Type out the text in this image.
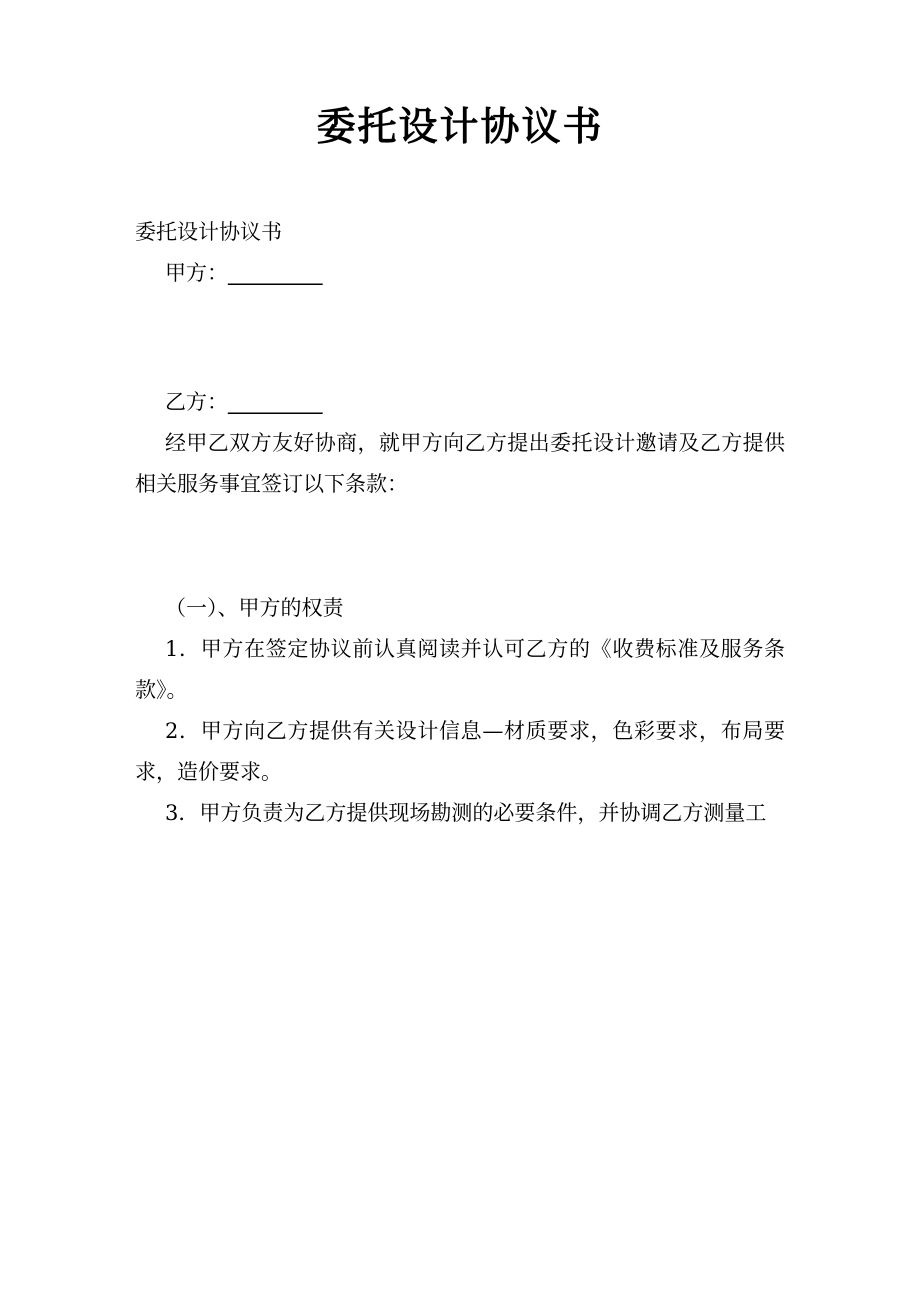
委托设计协议书

委托设计协议书

甲方：_________

乙方：_________

经甲乙双方友好协商，就甲方向乙方提出委托设计邀请及乙方提供相关服务事宜签订以下条款：

（一）、甲方的权责

1．甲方在签定协议前认真阅读并认可乙方的《收费标准及服务条款》。

2．甲方向乙方提供有关设计信息—材质要求，色彩要求，布局要求，造价要求。

3．甲方负责为乙方提供现场勘测的必要条件，并协调乙方测量工
